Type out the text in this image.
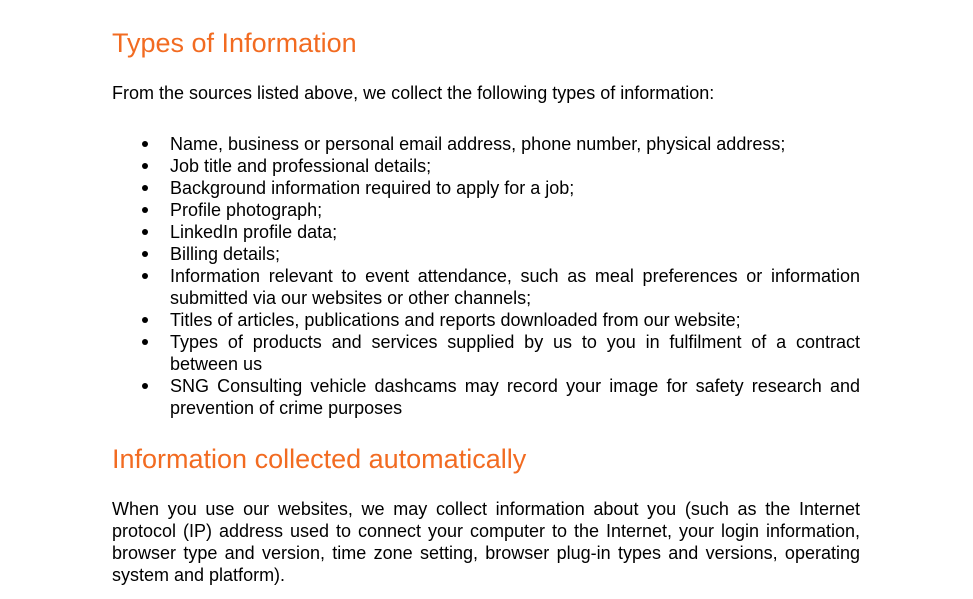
Types of Information

From the sources listed above, we collect the following types of information:

Name, business or personal email address, phone number, physical address;
Job title and professional details;
Background information required to apply for a job;
Profile photograph;
LinkedIn profile data;
Billing details;
Information relevant to event attendance, such as meal preferences or information submitted via our websites or other channels;
Titles of articles, publications and reports downloaded from our website;
Types of products and services supplied by us to you in fulfilment of a contract between us
SNG Consulting vehicle dashcams may record your image for safety research and prevention of crime purposes
Information collected automatically

When you use our websites, we may collect information about you (such as the Internet protocol (IP) address used to connect your computer to the Internet, your login information, browser type and version, time zone setting, browser plug-in types and versions, operating system and platform).
